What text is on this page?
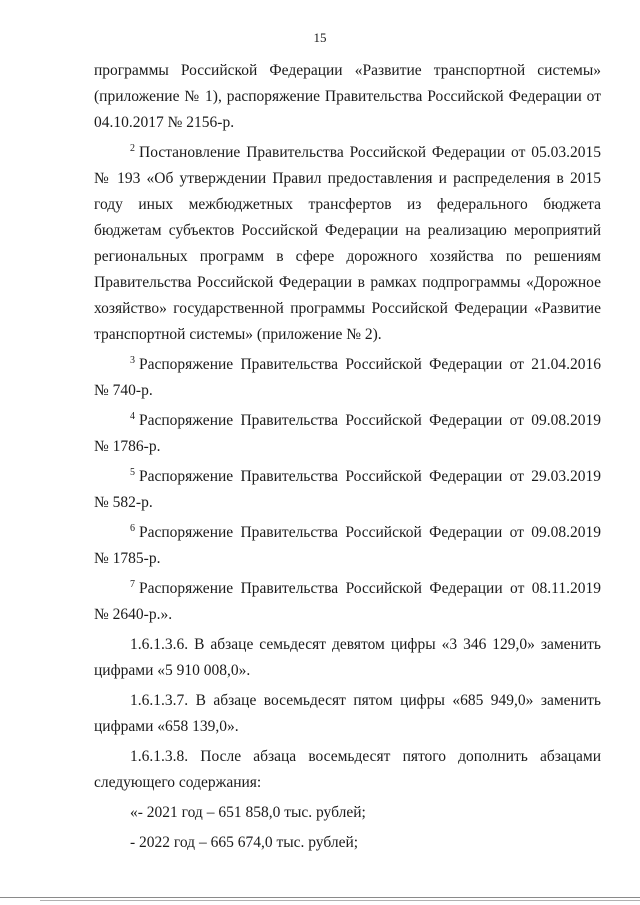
15

программы Российской Федерации «Развитие транспортной системы» (приложение № 1), распоряжение Правительства Российской Федерации от 04.10.2017 № 2156-р.

$^2$ Постановление Правительства Российской Федерации от 05.03.2015 № 193 «Об утверждении Правил предоставления и распределения в 2015 году иных межбюджетных трансфертов из федерального бюджета бюджетам субъектов Российской Федерации на реализацию мероприятий региональных программ в сфере дорожного хозяйства по решениям Правительства Российской Федерации в рамках подпрограммы «Дорожное хозяйство» государственной программы Российской Федерации «Развитие транспортной системы» (приложение № 2).

$^3$ Распоряжение Правительства Российской Федерации от 21.04.2016 № 740-р.

$^4$ Распоряжение Правительства Российской Федерации от 09.08.2019 № 1786-р.

$^5$ Распоряжение Правительства Российской Федерации от 29.03.2019 № 582-р.

$^6$ Распоряжение Правительства Российской Федерации от 09.08.2019 № 1785-р.

$^7$ Распоряжение Правительства Российской Федерации от 08.11.2019 № 2640-р.».

1.6.1.3.6. В абзаце семьдесят девятом цифры «3 346 129,0» заменить цифрами «5 910 008,0».

1.6.1.3.7. В абзаце восемьдесят пятом цифры «685 949,0» заменить цифрами «658 139,0».

1.6.1.3.8. После абзаца восемьдесят пятого дополнить абзацами следующего содержания:

«- 2021 год – 651 858,0 тыс. рублей;

- 2022 год – 665 674,0 тыс. рублей;
